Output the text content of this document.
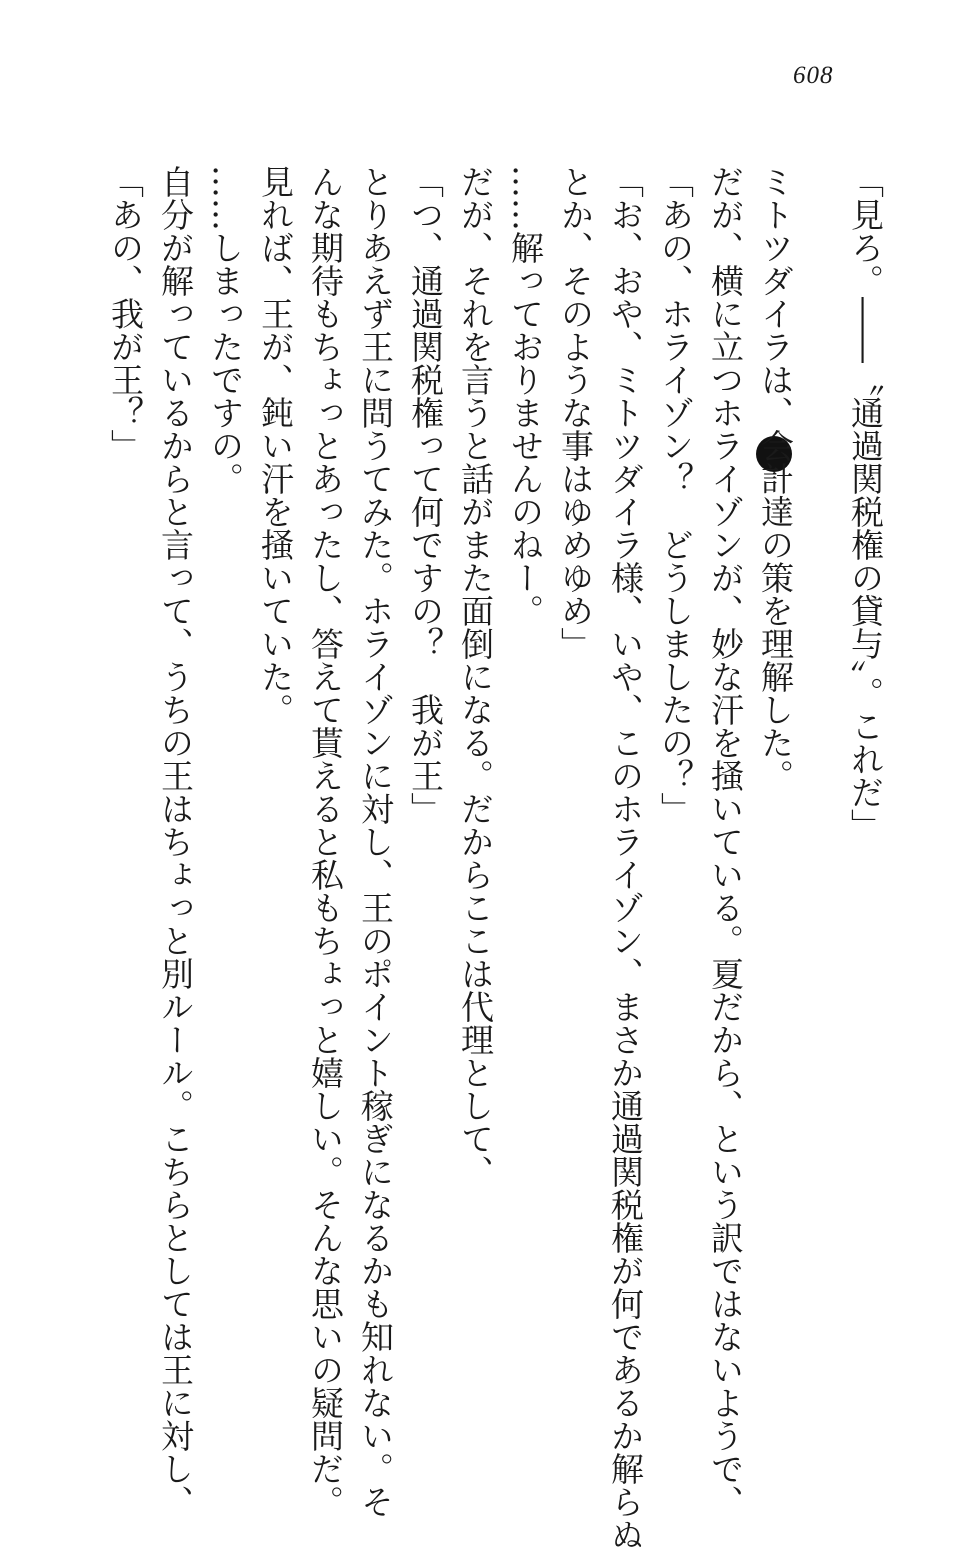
608
「見ろ。――〝通過関税権の貸与〟。これだ」
ミトツダイラは、会計達の策を理解した。
だが、横に立つホライゾンが、妙な汗を掻いている。夏だから、という訳ではないようで、
「あの、ホライゾン？　どうしましたの？」
「お、おや、ミトツダイラ様、いや、このホライゾン、まさか通過関税権が何であるか解らぬ
とか、そのような事はゆめゆめ」
……解っておりませんのねー。
だが、それを言うと話がまた面倒になる。だからここは代理として、
「つ、通過関税権って何ですの？　我が王」
とりあえず王に問うてみた。ホライゾンに対し、王のポイント稼ぎになるかも知れない。そ
んな期待もちょっとあったし、答えて貰えると私もちょっと嬉しい。そんな思いの疑問だ。
見れば、王が、鈍い汗を掻いていた。
……しまったですの。
自分が解っているからと言って、うちの王はちょっと別ルール。こちらとしては王に対し、
「あの、我が王？」
